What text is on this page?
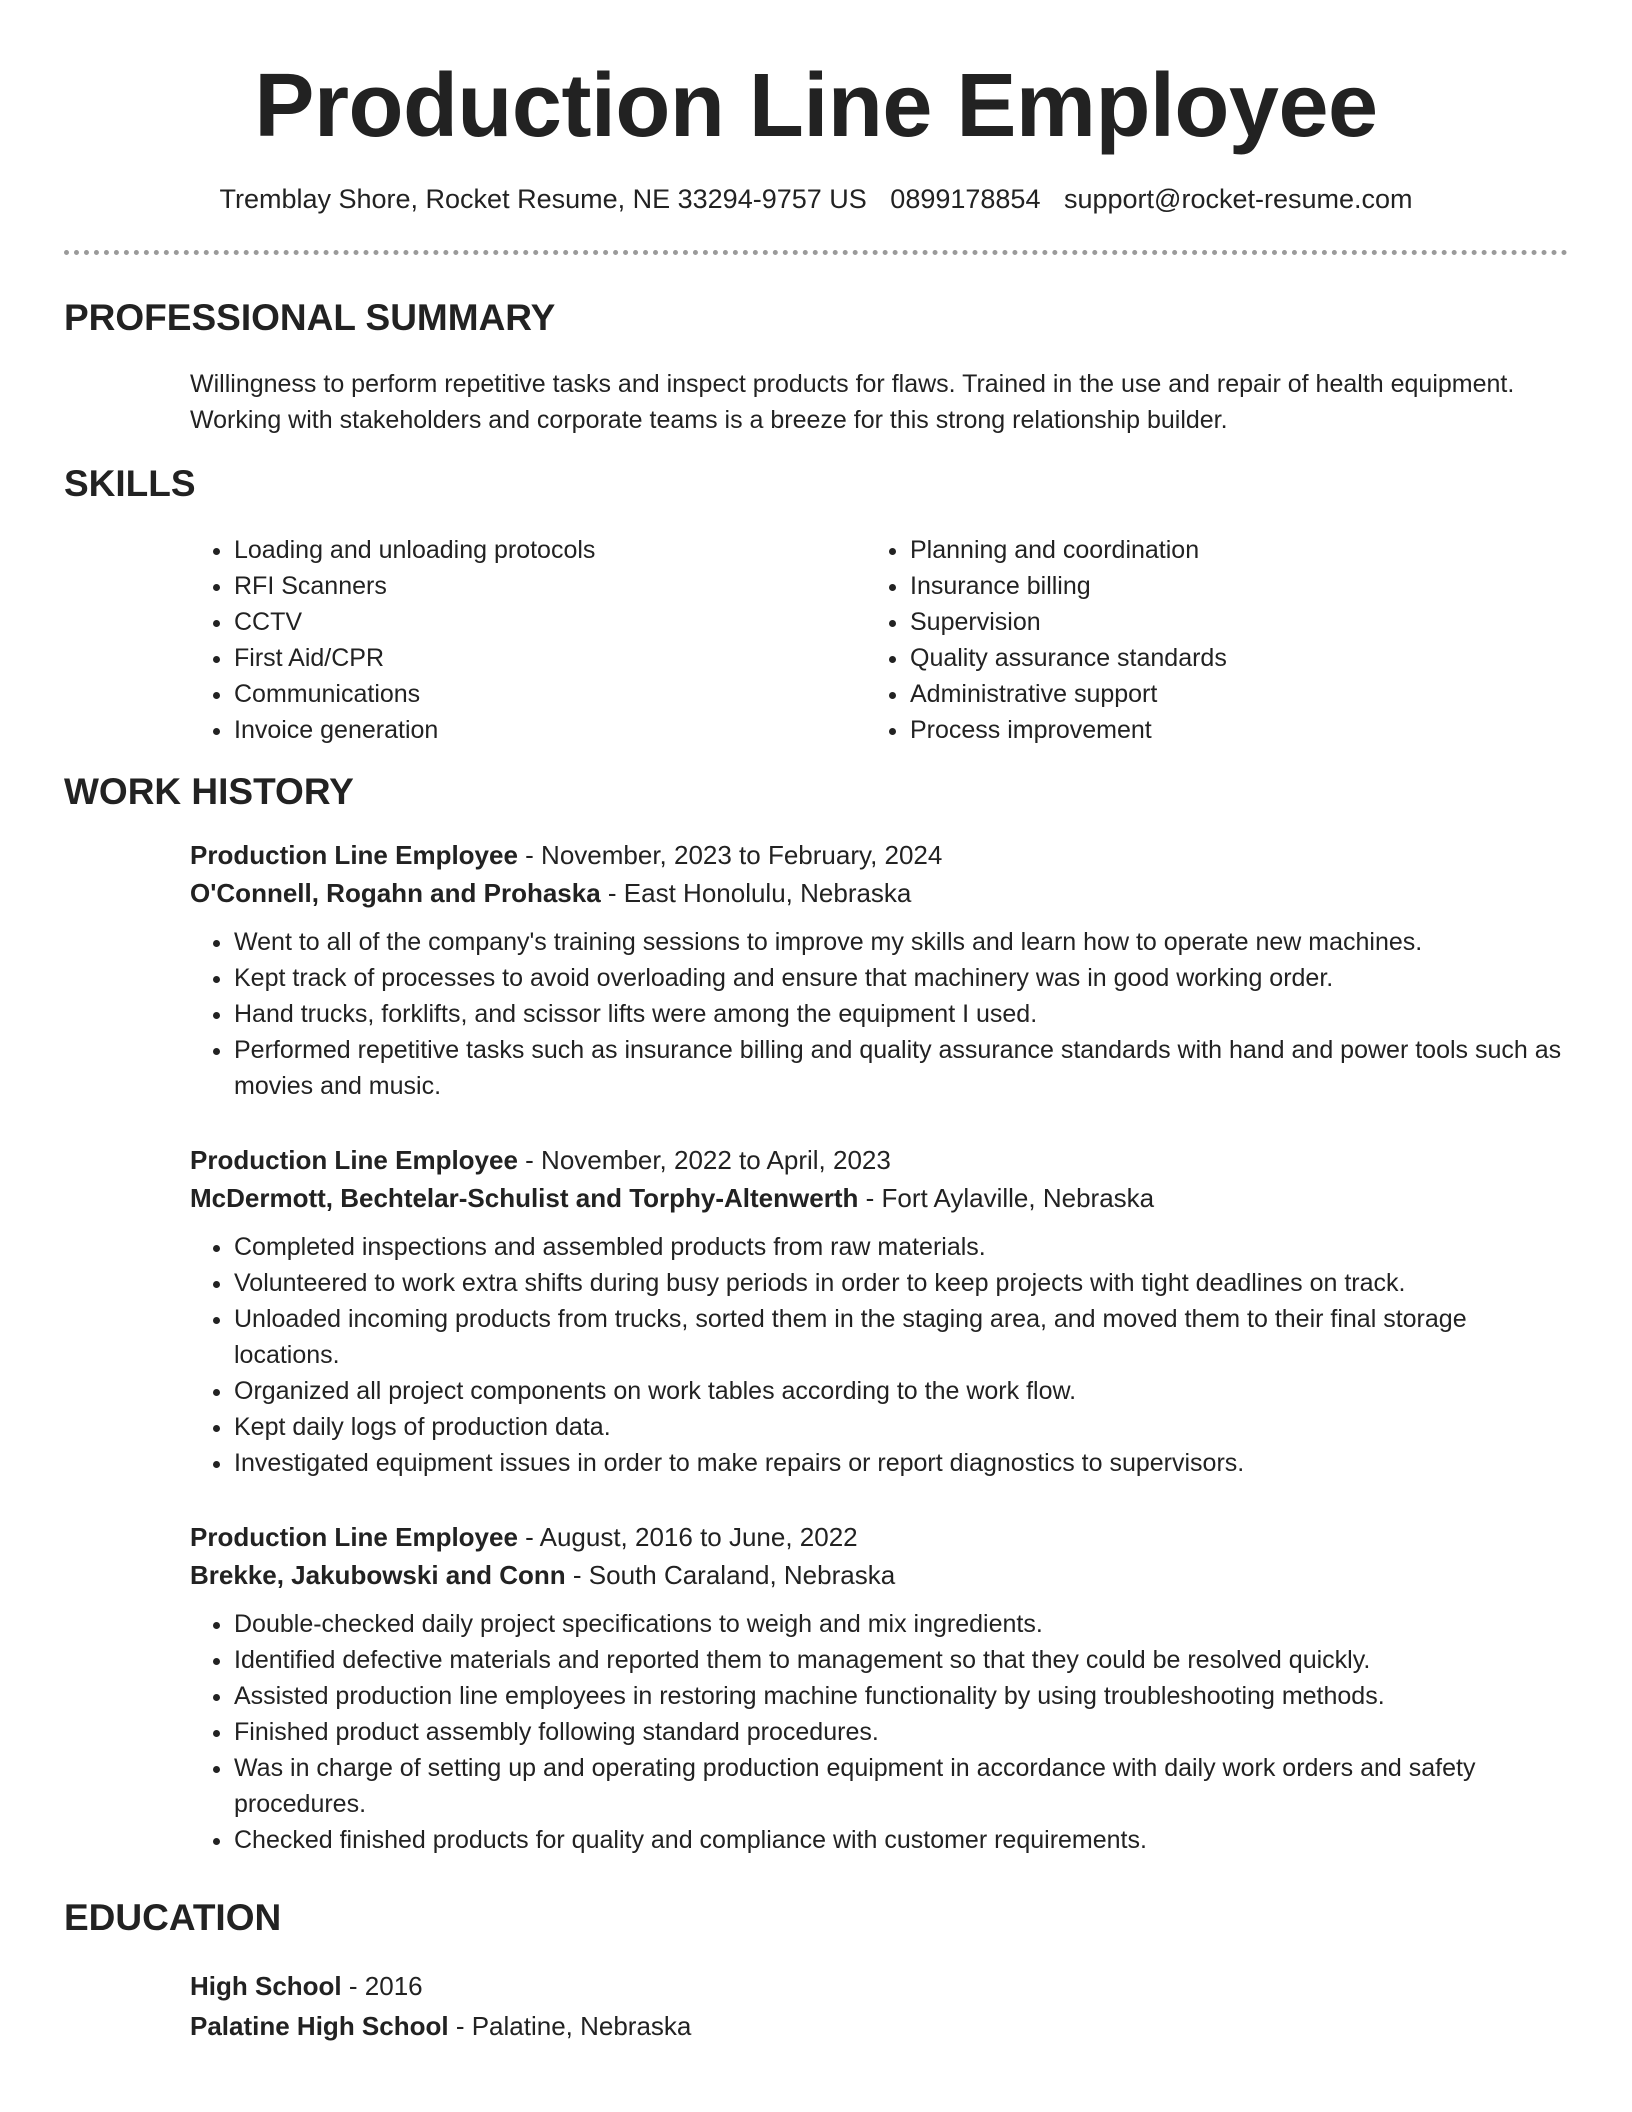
Production Line Employee
Tremblay Shore, Rocket Resume, NE 33294-9757 US 0899178854 support@rocket-resume.com
PROFESSIONAL SUMMARY

Willingness to perform repetitive tasks and inspect products for flaws. Trained in the use and repair of health equipment. Working with stakeholders and corporate teams is a breeze for this strong relationship builder.

SKILLS
• Loading and unloading protocols
• RFI Scanners
• CCTV
• First Aid/CPR
• Communications
• Invoice generation
• Planning and coordination
• Insurance billing
• Supervision
• Quality assurance standards
• Administrative support
• Process improvement
WORK HISTORY
Production Line Employee - November, 2023 to February, 2024
O'Connell, Rogahn and Prohaska - East Honolulu, Nebraska
• Went to all of the company's training sessions to improve my skills and learn how to operate new machines.
• Kept track of processes to avoid overloading and ensure that machinery was in good working order.
• Hand trucks, forklifts, and scissor lifts were among the equipment I used.
• Performed repetitive tasks such as insurance billing and quality assurance standards with hand and power tools such as movies and music.
Production Line Employee - November, 2022 to April, 2023
McDermott, Bechtelar-Schulist and Torphy-Altenwerth - Fort Aylaville, Nebraska
• Completed inspections and assembled products from raw materials.
• Volunteered to work extra shifts during busy periods in order to keep projects with tight deadlines on track.
• Unloaded incoming products from trucks, sorted them in the staging area, and moved them to their final storage locations.
• Organized all project components on work tables according to the work flow.
• Kept daily logs of production data.
• Investigated equipment issues in order to make repairs or report diagnostics to supervisors.
Production Line Employee - August, 2016 to June, 2022
Brekke, Jakubowski and Conn - South Caraland, Nebraska
• Double-checked daily project specifications to weigh and mix ingredients.
• Identified defective materials and reported them to management so that they could be resolved quickly.
• Assisted production line employees in restoring machine functionality by using troubleshooting methods.
• Finished product assembly following standard procedures.
• Was in charge of setting up and operating production equipment in accordance with daily work orders and safety procedures.
• Checked finished products for quality and compliance with customer requirements.
EDUCATION
High School - 2016
Palatine High School - Palatine, Nebraska
